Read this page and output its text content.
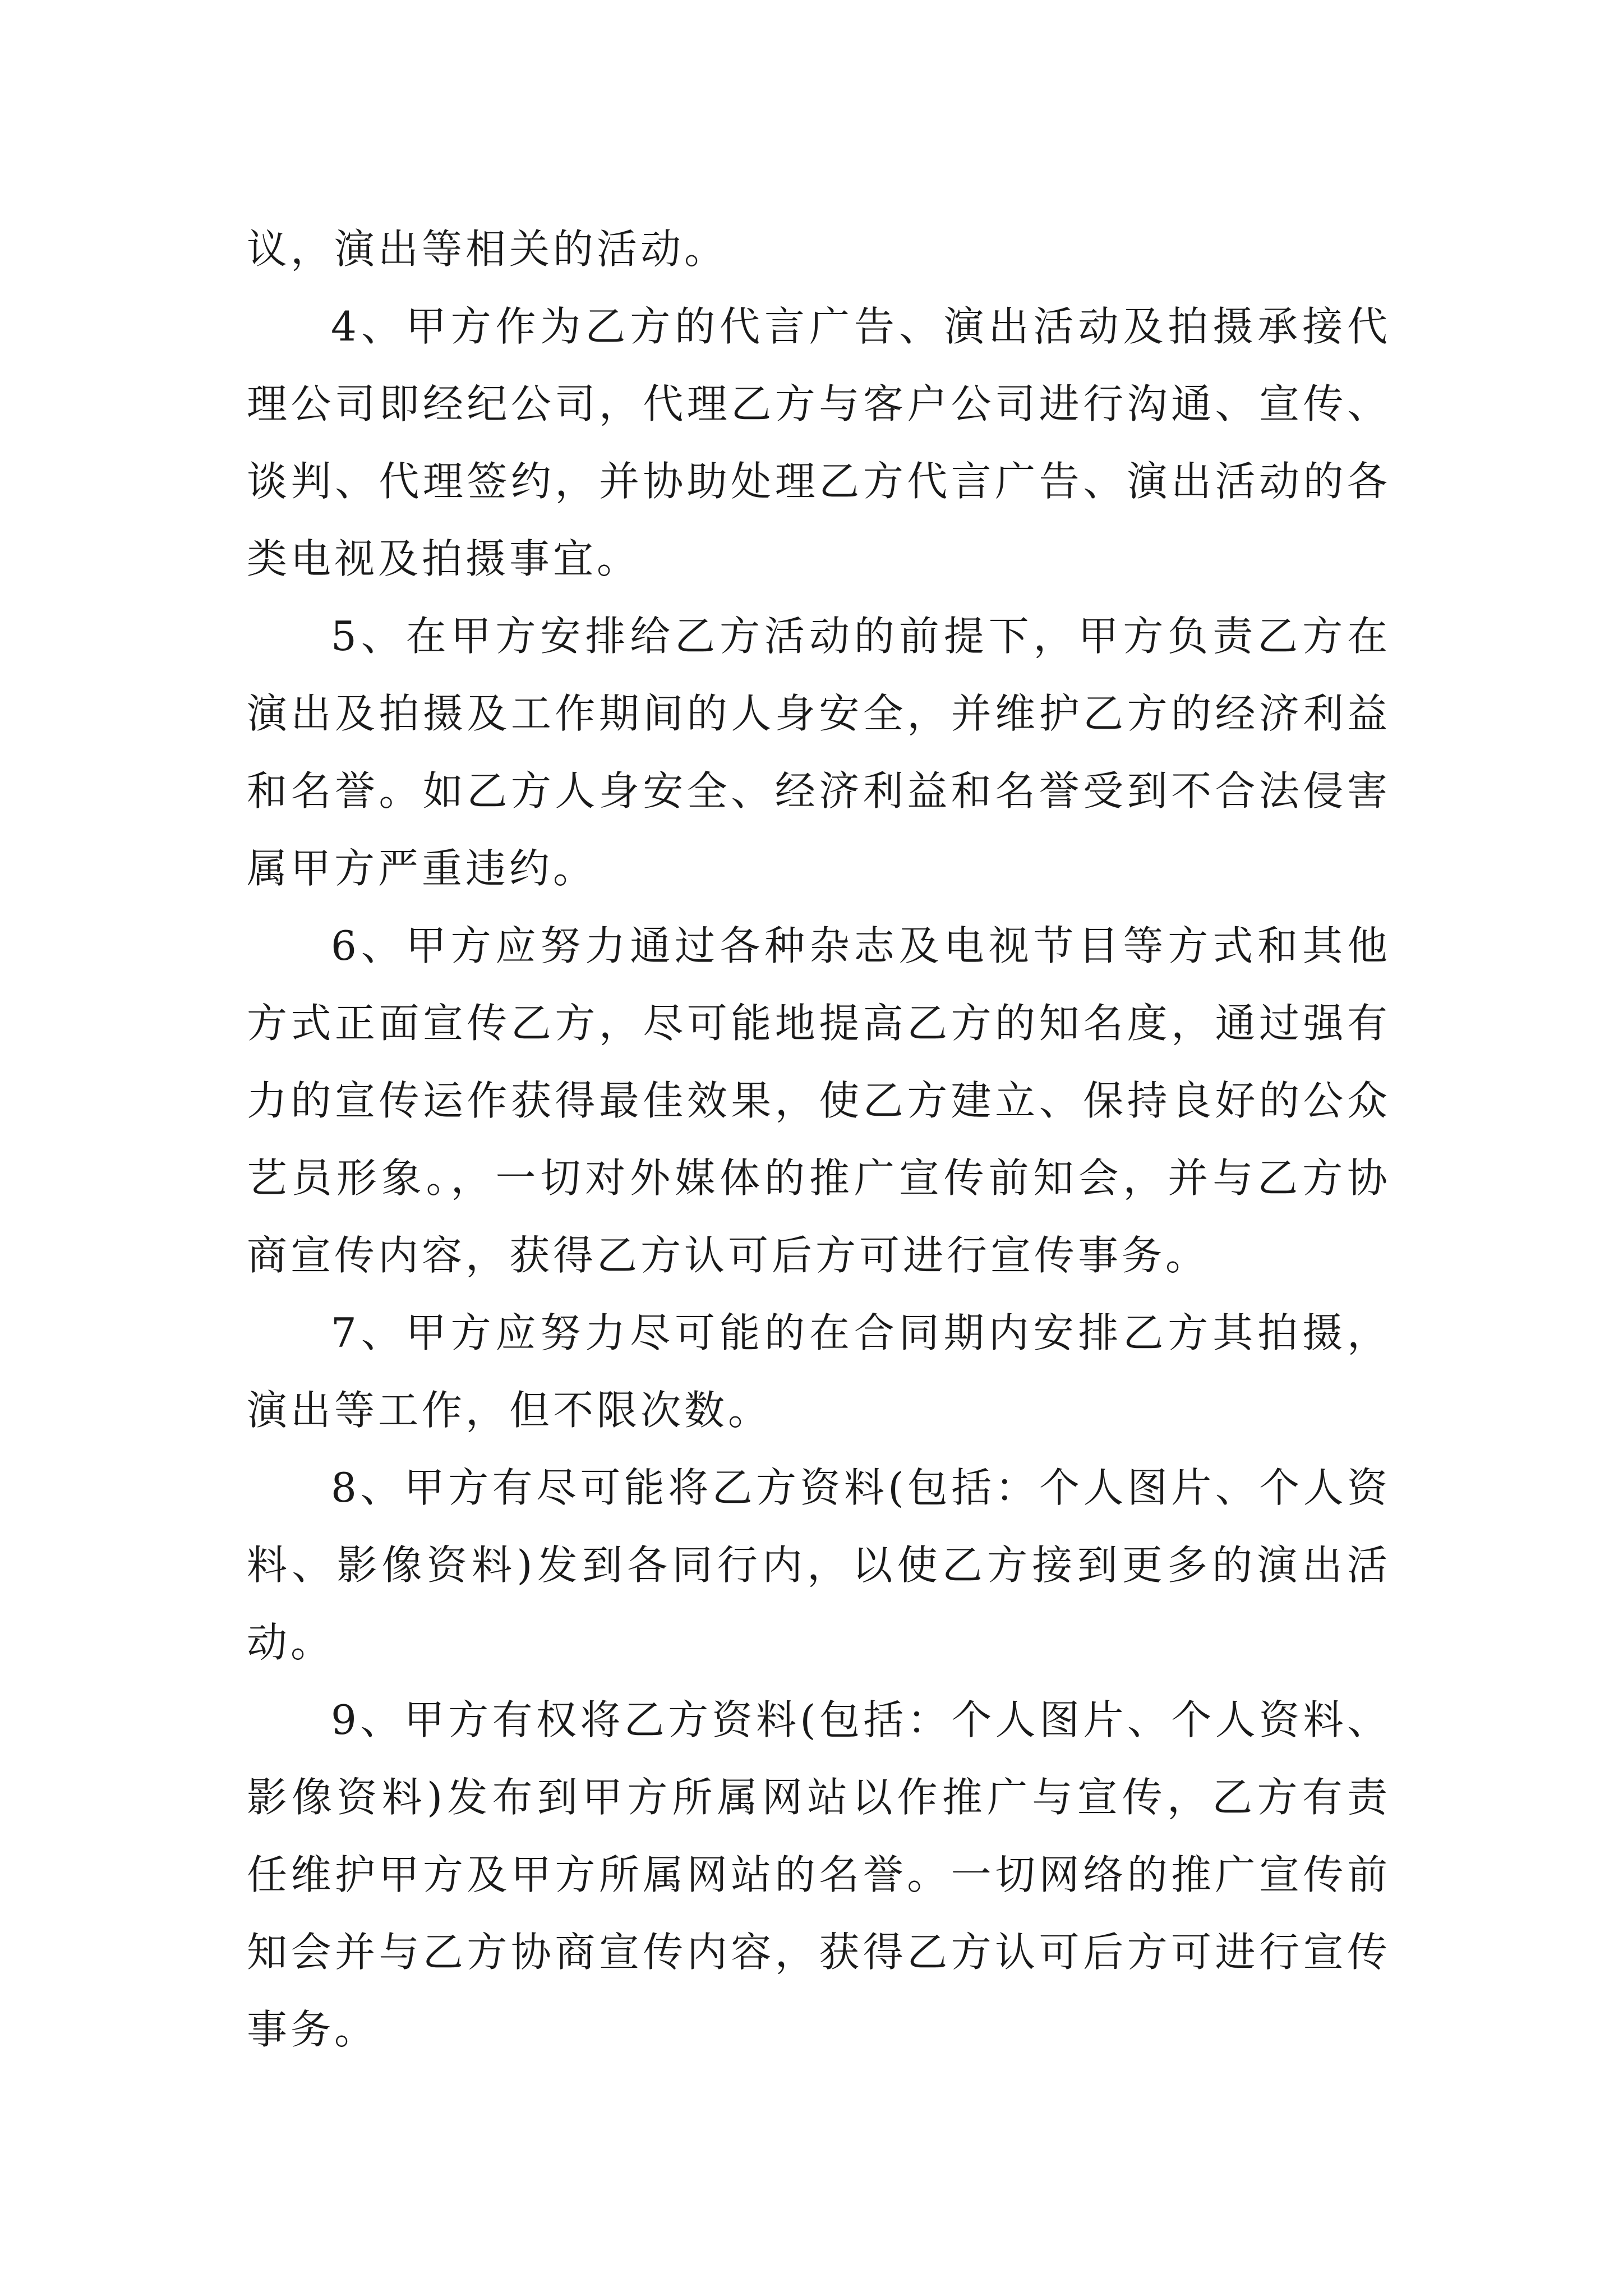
议，演出等相关的活动。

4、甲方作为乙方的代言广告、演出活动及拍摄承接代理公司即经纪公司，代理乙方与客户公司进行沟通、宣传、谈判、代理签约，并协助处理乙方代言广告、演出活动的各类电视及拍摄事宜。

5、在甲方安排给乙方活动的前提下，甲方负责乙方在演出及拍摄及工作期间的人身安全，并维护乙方的经济利益和名誉。如乙方人身安全、经济利益和名誉受到不合法侵害属甲方严重违约。

6、甲方应努力通过各种杂志及电视节目等方式和其他方式正面宣传乙方，尽可能地提高乙方的知名度，通过强有力的宣传运作获得最佳效果，使乙方建立、保持良好的公众艺员形象。，一切对外媒体的推广宣传前知会，并与乙方协商宣传内容，获得乙方认可后方可进行宣传事务。

7、甲方应努力尽可能的在合同期内安排乙方其拍摄，演出等工作，但不限次数。

8、甲方有尽可能将乙方资料(包括：个人图片、个人资料、影像资料)发到各同行内，以使乙方接到更多的演出活动。

9、甲方有权将乙方资料(包括：个人图片、个人资料、影像资料)发布到甲方所属网站以作推广与宣传，乙方有责任维护甲方及甲方所属网站的名誉。一切网络的推广宣传前知会并与乙方协商宣传内容，获得乙方认可后方可进行宣传事务。
